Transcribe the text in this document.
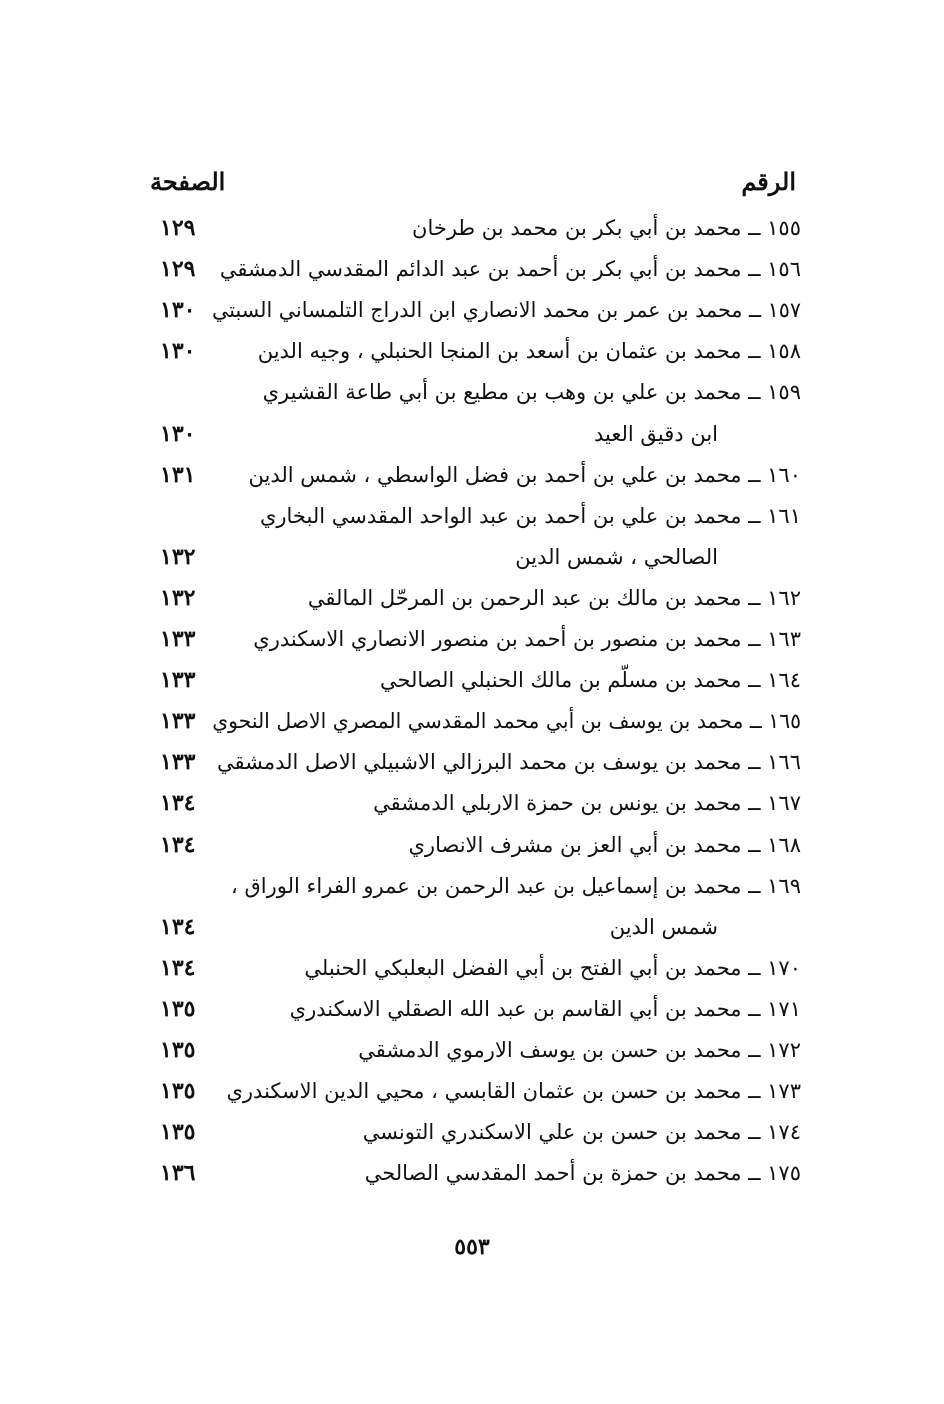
الرقم
الصفحة
١٥٥ ــ محمد بن أبي بكر بن محمد بن طرخان
١٢٩
١٥٦ ــ محمد بن أبي بكر بن أحمد بن عبد الدائم المقدسي الدمشقي
١٢٩
١٥٧ ــ محمد بن عمر بن محمد الانصاري ابن الدراج التلمساني السبتي
١٣٠
١٥٨ ــ محمد بن عثمان بن أسعد بن المنجا الحنبلي ، وجيه الدين
١٣٠
١٥٩ ــ محمد بن علي بن وهب بن مطيع بن أبي طاعة القشيري
ابن دقيق العيد
١٣٠
١٦٠ ــ محمد بن علي بن أحمد بن فضل الواسطي ، شمس الدين
١٣١
١٦١ ــ محمد بن علي بن أحمد بن عبد الواحد المقدسي البخاري
الصالحي ، شمس الدين
١٣٢
١٦٢ ــ محمد بن مالك بن عبد الرحمن بن المرحّل المالقي
١٣٢
١٦٣ ــ محمد بن منصور بن أحمد بن منصور الانصاري الاسكندري
١٣٣
١٦٤ ــ محمد بن مسلّم بن مالك الحنبلي الصالحي
١٣٣
١٦٥ ــ محمد بن يوسف بن أبي محمد المقدسي المصري الاصل النحوي
١٣٣
١٦٦ ــ محمد بن يوسف بن محمد البرزالي الاشبيلي الاصل الدمشقي
١٣٣
١٦٧ ــ محمد بن يونس بن حمزة الاربلي الدمشقي
١٣٤
١٦٨ ــ محمد بن أبي العز بن مشرف الانصاري
١٣٤
١٦٩ ــ محمد بن إسماعيل بن عبد الرحمن بن عمرو الفراء الوراق ،
شمس الدين
١٣٤
١٧٠ ــ محمد بن أبي الفتح بن أبي الفضل البعلبكي الحنبلي
١٣٤
١٧١ ــ محمد بن أبي القاسم بن عبد الله الصقلي الاسكندري
١٣٥
١٧٢ ــ محمد بن حسن بن يوسف الارموي الدمشقي
١٣٥
١٧٣ ــ محمد بن حسن بن عثمان القابسي ، محيي الدين الاسكندري
١٣٥
١٧٤ ــ محمد بن حسن بن علي الاسكندري التونسي
١٣٥
١٧٥ ــ محمد بن حمزة بن أحمد المقدسي الصالحي
١٣٦
٥٥٣
